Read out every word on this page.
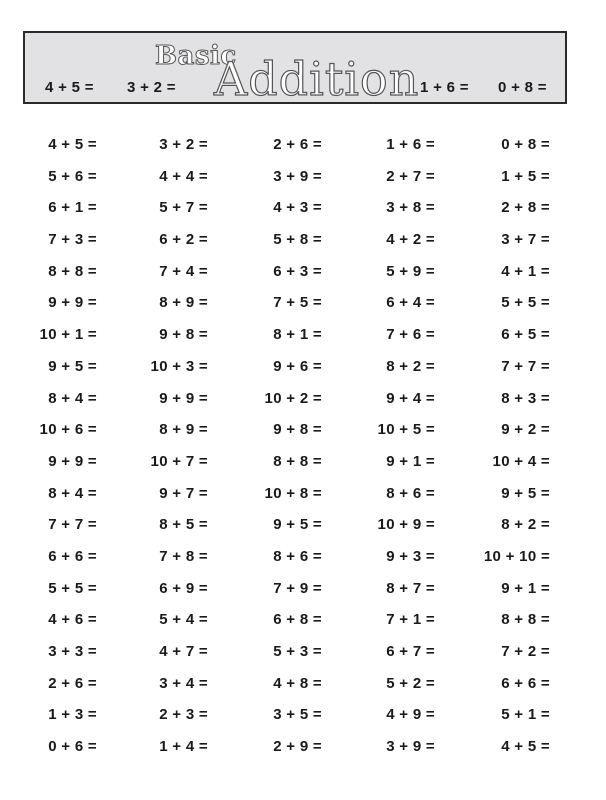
4 + 5 = 3 + 2 =
Basic
Addition 1 + 6 = 0 + 8 =
4 + 5 =	3 + 2 =	2 + 6 =	1 + 6 =	0 + 8 =
5 + 6 =	4 + 4 =	3 + 9 =	2 + 7 =	1 + 5 =
6 + 1 =	5 + 7 =	4 + 3 =	3 + 8 =	2 + 8 =
7 + 3 =	6 + 2 =	5 + 8 =	4 + 2 =	3 + 7 =
8 + 8 =	7 + 4 =	6 + 3 =	5 + 9 =	4 + 1 =
9 + 9 =	8 + 9 =	7 + 5 =	6 + 4 =	5 + 5 =
10 + 1 =	9 + 8 =	8 + 1 =	7 + 6 =	6 + 5 =
9 + 5 =	10 + 3 =	9 + 6 =	8 + 2 =	7 + 7 =
8 + 4 =	9 + 9 =	10 + 2 =	9 + 4 =	8 + 3 =
10 + 6 =	8 + 9 =	9 + 8 =	10 + 5 =	9 + 2 =
9 + 9 =	10 + 7 =	8 + 8 =	9 + 1 =	10 + 4 =
8 + 4 =	9 + 7 =	10 + 8 =	8 + 6 =	9 + 5 =
7 + 7 =	8 + 5 =	9 + 5 =	10 + 9 =	8 + 2 =
6 + 6 =	7 + 8 =	8 + 6 =	9 + 3 =	10 + 10 =
5 + 5 =	6 + 9 =	7 + 9 =	8 + 7 =	9 + 1 =
4 + 6 =	5 + 4 =	6 + 8 =	7 + 1 =	8 + 8 =
3 + 3 =	4 + 7 =	5 + 3 =	6 + 7 =	7 + 2 =
2 + 6 =	3 + 4 =	4 + 8 =	5 + 2 =	6 + 6 =
1 + 3 =	2 + 3 =	3 + 5 =	4 + 9 =	5 + 1 =
0 + 6 =	1 + 4 =	2 + 9 =	3 + 9 =	4 + 5 =
